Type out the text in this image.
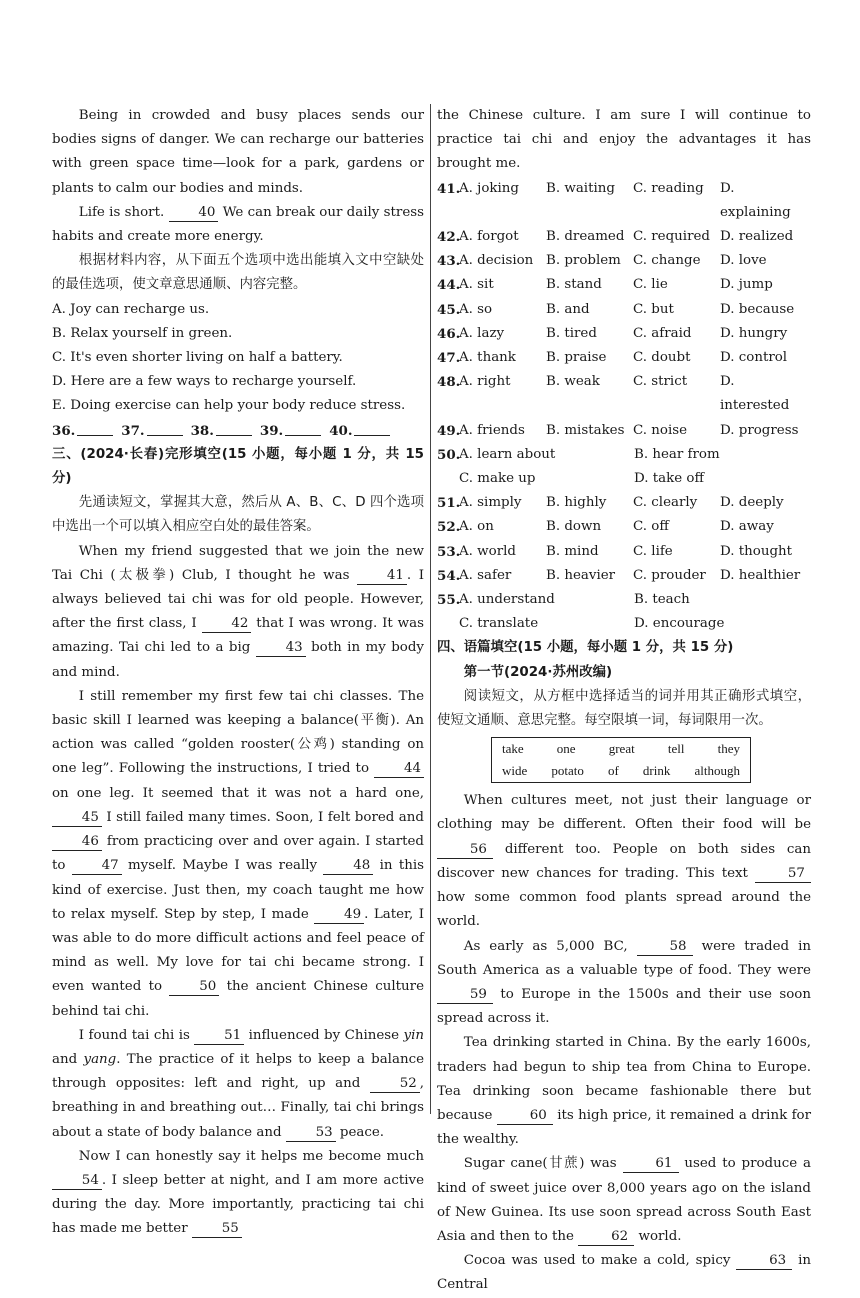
Being in crowded and busy places sends our bodies signs of danger. We can recharge our batteries with green space time—look for a park, gardens or plants to calm our bodies and minds.

Life is short.	40 We can break our daily stress habits and create more energy.

根据材料内容，从下面五个选项中选出能填入文中空缺处的最佳选项，使文章意思通顺、内容完整。

A. Joy can recharge us.

B. Relax yourself in green.

C. It's even shorter living on half a battery.

D. Here are a few ways to recharge yourself.

E. Doing exercise can help your body reduce stress.

36.	37.	38.	39.	40.

三、(2024·长春)完形填空(15 小题，每小题 1 分，共 15 分)

先通读短文，掌握其大意，然后从 A、B、C、D 四个选项中选出一个可以填入相应空白处的最佳答案。

When my friend suggested that we join the new Tai Chi (太极拳) Club, I thought he was	41 . I always believed tai chi was for old people. However, after the first class, I	42 that I was wrong. It was amazing. Tai chi led to a big	43 both in my body and mind.

I still remember my first few tai chi classes. The basic skill I learned was keeping a balance(平衡). An action was called “golden rooster(公鸡) standing on one leg”. Following the instructions, I tried to	44 on one leg. It seemed that it was not a hard one, 45 I still failed many times. Soon, I felt bored and 46 from practicing over and over again. I started to	47 myself. Maybe I was really	48 in this kind of exercise. Just then, my coach taught me how to relax myself. Step by step, I made	49 . Later, I was able to do more difficult actions and feel peace of mind as well. My love for tai chi became strong. I even wanted to	50 the ancient Chinese culture behind tai chi.

I found tai chi is	51 influenced by Chinese yin and yang. The practice of it helps to keep a balance through opposites: left and right, up and	52 , breathing in and breathing out… Finally, tai chi brings about a state of body balance and	53 peace.

Now I can honestly say it helps me become much 54 . I sleep better at night, and I am more active during the day. More importantly, practicing tai chi has made me better	55

the Chinese culture. I am sure I will continue to practice tai chi and enjoy the advantages it has brought me.

41.
A. joking	B. waiting	C. reading	D. explaining
42.
A. forgot	B. dreamed C. required D. realized
43.
A. decision B. problem C. change	D. love
44.
A. sit	B. stand	C. lie	D. jump
45.
A. so	B. and	C. but	D. because
46.
A. lazy	B. tired	C. afraid	D. hungry
47.
A. thank	B. praise	C. doubt	D. control
48.
A. right	B. weak	C. strict	D. interested
49.
A. friends	B. mistakes C. noise	D. progress
50.
A. learn about	B. hear from
C. make up	D. take off
51.
A. simply	B. highly	C. clearly	D. deeply
52.
A. on	B. down	C. off	D. away
53.
A. world	B. mind	C. life	D. thought
54.
A. safer	B. heavier	C. prouder	D. healthier
55.
A. understand	B. teach
C. translate	D. encourage

四、语篇填空(15 小题，每小题 1 分，共 15 分)

第一节(2024·苏州改编)

阅读短文，从方框中选择适当的词并用其正确形式填空，使短文通顺、意思完整。每空限填一词，每词限用一次。

take	one	great	tell	they
wide potato of drink although

When cultures meet, not just their language or clothing may be different. Often their food will be 56 different too. People on both sides can discover new chances for trading. This text	57 how some common food plants spread around the world.

As early as 5,000 BC,	58 were traded in South America as a valuable type of food. They were 59 to Europe in the 1500s and their use soon spread across it.

Tea drinking started in China. By the early 1600s, traders had begun to ship tea from China to Europe. Tea drinking soon became fashionable there but because	60 its high price, it remained a drink for the wealthy.

Sugar cane(甘蔗) was	61 used to produce a kind of sweet juice over 8,000 years ago on the island of New Guinea. Its use soon spread across South East Asia and then to the	62 world.

Cocoa was used to make a cold, spicy	63 in Central
